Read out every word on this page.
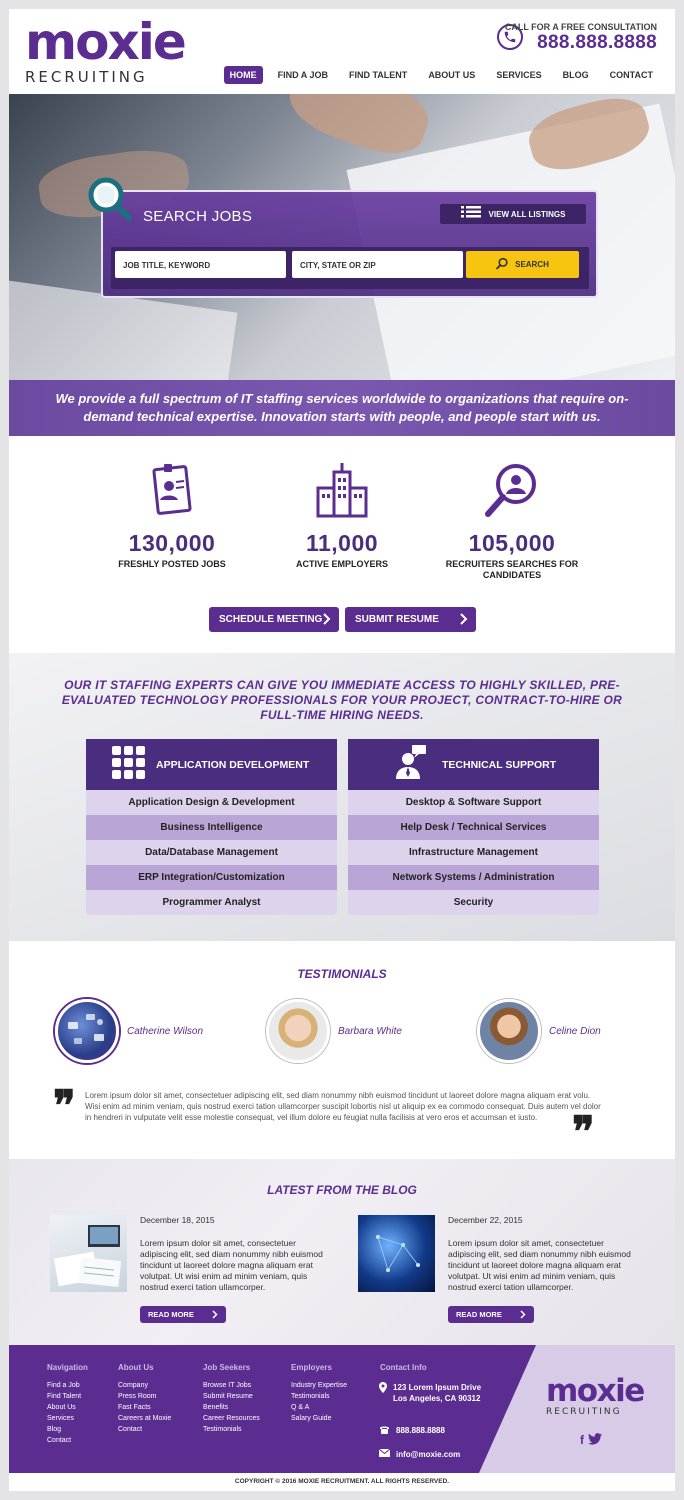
moxie
RECRUITING
CALL FOR A FREE CONSULTATION
888.888.8888
HOME	FIND A JOB	FIND TALENT	ABOUT US	SERVICES	BLOG	CONTACT
SEARCH JOBS	VIEW ALL LISTINGS
JOB TITLE, KEYWORD	CITY, STATE OR ZIP	SEARCH

We provide a full spectrum of IT staffing services worldwide to organizations that require on-demand technical expertise. Innovation starts with people, and people start with us.

130,000
FRESHLY POSTED JOBS
11,000
ACTIVE EMPLOYERS
105,000
RECRUITERS SEARCHES FOR CANDIDATES
SCHEDULE MEETING	SUBMIT RESUME
OUR IT STAFFING EXPERTS CAN GIVE YOU IMMEDIATE ACCESS TO HIGHLY SKILLED, PRE-EVALUATED TECHNOLOGY PROFESSIONALS FOR YOUR PROJECT, CONTRACT-TO-HIRE OR FULL-TIME HIRING NEEDS.
APPLICATION DEVELOPMENT
Application Design & Development
Business Intelligence
Data/Database Management
ERP Integration/Customization
Programmer Analyst
TECHNICAL SUPPORT
Desktop & Software Support
Help Desk / Technical Services
Infrastructure Management
Network Systems / Administration
Security
TESTIMONIALS
Catherine Wilson	Barbara White	Celine Dion
❞ Lorem ipsum dolor sit amet, consectetuer adipiscing elit, sed diam nonummy nibh euismod tincidunt ut laoreet dolore magna aliquam erat volu. Wisi enim ad minim veniam, quis nostrud exerci tation ullamcorper suscipit lobortis nisl ut aliquip ex ea commodo consequat. Duis autem vel dolor in hendreri in vulputate velit esse molestie consequat, vel illum dolore eu feugiat nulla facilisis at vero eros et accumsan et iusto. ❞
LATEST FROM THE BLOG
December 18, 2015
Lorem ipsum dolor sit amet, consectetuer adipiscing elit, sed diam nonummy nibh euismod tincidunt ut laoreet dolore magna aliquam erat volutpat. Ut wisi enim ad minim veniam, quis nostrud exerci tation ullamcorper.
READ MORE
December 22, 2015
Lorem ipsum dolor sit amet, consectetuer adipiscing elit, sed diam nonummy nibh euismod tincidunt ut laoreet dolore magna aliquam erat volutpat. Ut wisi enim ad minim veniam, quis nostrud exerci tation ullamcorper.
READ MORE
Navigation
Find a Job
Find Talent
About Us
Services
Blog
Contact
About Us
Company
Press Room
Fast Facts
Careers at Moxie
Contact
Job Seekers
Browse IT Jobs
Submit Resume
Benefits
Career Resources
Testimonials
Employers
Industry Expertise
Testimonials
Q & A
Salary Guide
Contact Info
123 Lorem Ipsum Drive
Los Angeles, CA 90312
888.888.8888
info@moxie.com
moxie
RECRUITING
f
COPYRIGHT © 2016 MOXIE RECRUITMENT. ALL RIGHTS RESERVED.
